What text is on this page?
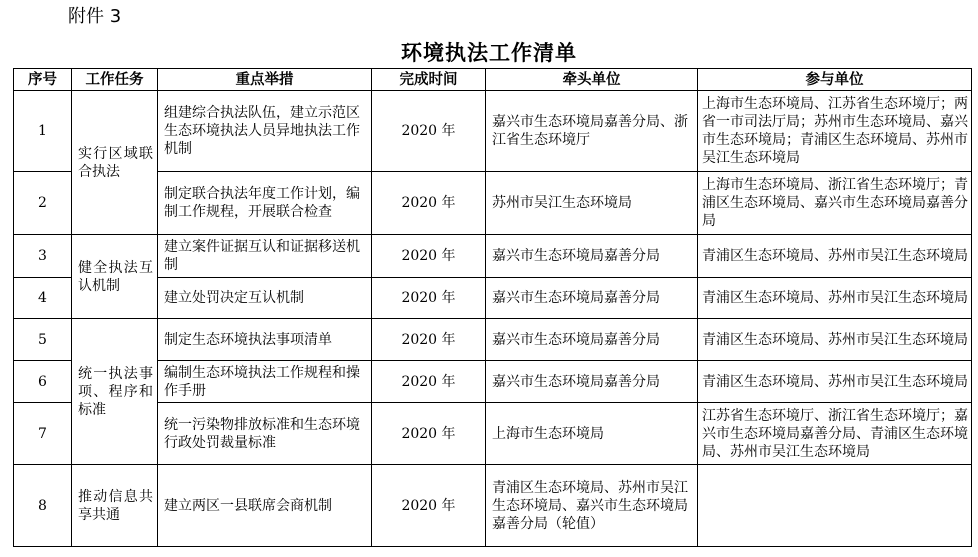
附件 3
环境执法工作清单
序号	工作任务	重点举措	完成时间	牵头单位	参与单位
1	实行区域联合执法	组建综合执法队伍，建立示范区生态环境执法人员异地执法工作机制	2020 年	嘉兴市生态环境局嘉善分局、浙江省生态环境厅	上海市生态环境局、江苏省生态环境厅；两省一市司法厅局；苏州市生态环境局、嘉兴市生态环境局；青浦区生态环境局、苏州市吴江生态环境局
2		制定联合执法年度工作计划，编制工作规程，开展联合检查	2020 年	苏州市吴江生态环境局	上海市生态环境局、浙江省生态环境厅；青浦区生态环境局、嘉兴市生态环境局嘉善分局
3	健全执法互认机制	建立案件证据互认和证据移送机制	2020 年	嘉兴市生态环境局嘉善分局	青浦区生态环境局、苏州市吴江生态环境局
4		建立处罚决定互认机制	2020 年	嘉兴市生态环境局嘉善分局	青浦区生态环境局、苏州市吴江生态环境局
5	统一执法事项、程序和标准	制定生态环境执法事项清单	2020 年	嘉兴市生态环境局嘉善分局	青浦区生态环境局、苏州市吴江生态环境局
6		编制生态环境执法工作规程和操作手册	2020 年	嘉兴市生态环境局嘉善分局	青浦区生态环境局、苏州市吴江生态环境局
7		统一污染物排放标准和生态环境行政处罚裁量标准	2020 年	上海市生态环境局	江苏省生态环境厅、浙江省生态环境厅；嘉兴市生态环境局嘉善分局、青浦区生态环境局、苏州市吴江生态环境局
8	推动信息共享共通	建立两区一县联席会商机制	2020 年	青浦区生态环境局、苏州市吴江生态环境局、嘉兴市生态环境局嘉善分局（轮值）	
